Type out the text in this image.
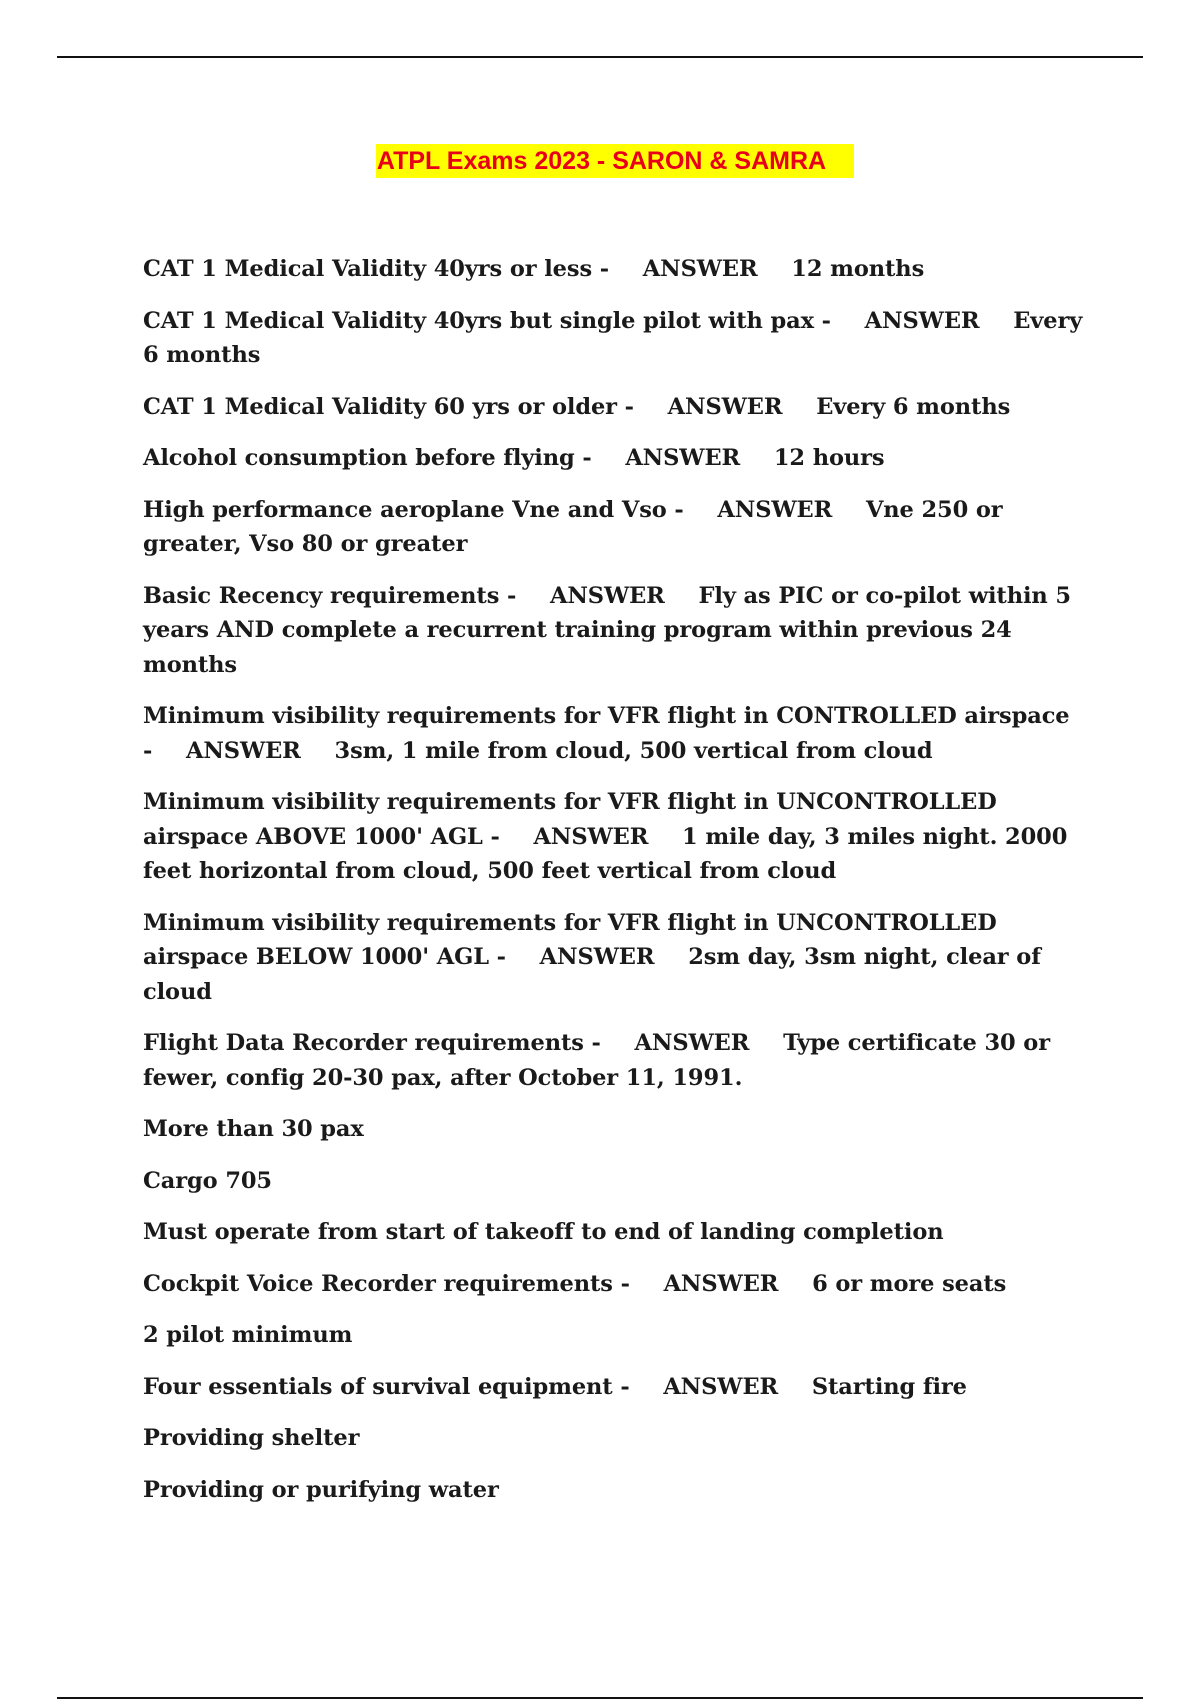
ATPL Exams 2023 - SARON & SAMRA
CAT 1 Medical Validity 40yrs or less - ANSWER 12 months
CAT 1 Medical Validity 40yrs but single pilot with pax - ANSWER Every 6 months
CAT 1 Medical Validity 60 yrs or older - ANSWER Every 6 months
Alcohol consumption before flying - ANSWER 12 hours
High performance aeroplane Vne and Vso - ANSWER Vne 250 or greater, Vso 80 or greater
Basic Recency requirements - ANSWER Fly as PIC or co-pilot within 5 years AND complete a recurrent training program within previous 24 months
Minimum visibility requirements for VFR flight in CONTROLLED airspace - ANSWER 3sm, 1 mile from cloud, 500 vertical from cloud
Minimum visibility requirements for VFR flight in UNCONTROLLED airspace ABOVE 1000' AGL - ANSWER 1 mile day, 3 miles night. 2000 feet horizontal from cloud, 500 feet vertical from cloud
Minimum visibility requirements for VFR flight in UNCONTROLLED airspace BELOW 1000' AGL - ANSWER 2sm day, 3sm night, clear of cloud
Flight Data Recorder requirements - ANSWER Type certificate 30 or fewer, config 20-30 pax, after October 11, 1991.
More than 30 pax
Cargo 705
Must operate from start of takeoff to end of landing completion
Cockpit Voice Recorder requirements - ANSWER 6 or more seats
2 pilot minimum
Four essentials of survival equipment - ANSWER Starting fire
Providing shelter
Providing or purifying water
